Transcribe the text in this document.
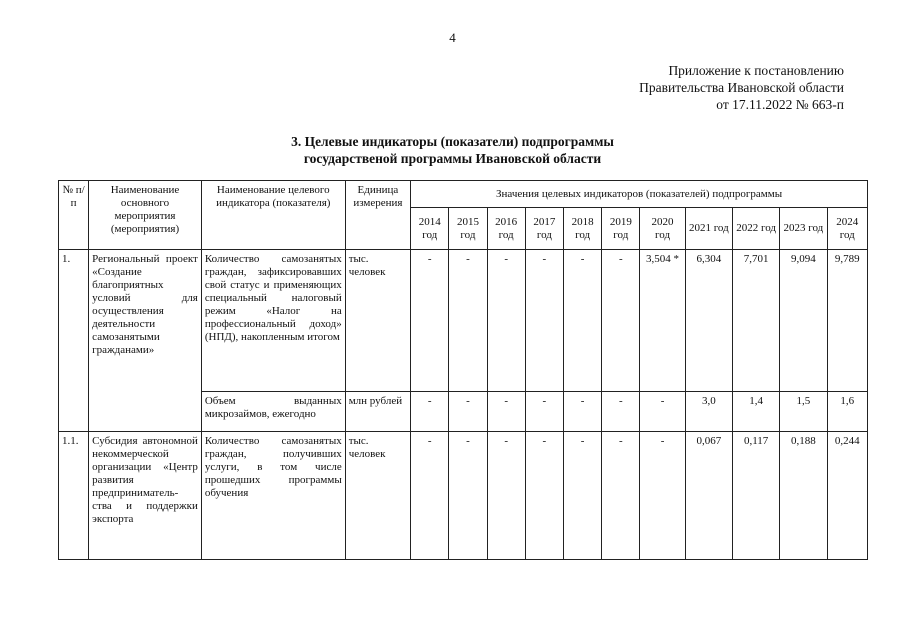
4
Приложение к постановлению
Правительства Ивановской области
от 17.11.2022 № 663-п
3. Целевые индикаторы (показатели) подпрограммы
государственой программы Ивановской области
№ п/п	Наименование основного мероприятия (мероприятия)	Наименование целевого индикатора (показателя)	Единица измерения	Значения целевых индикаторов (показателей) подпрограммы										
				2014 год	2015 год	2016 год	2017 год	2018 год	2019 год	2020 год	2021 год	2022 год	2023 год	2024 год
1.	Региональный проект «Создание благоприятных условий для осуществления деятельности самозанятыми гражданами»	Количество самозанятых граждан, зафиксировавших свой статус и применяющих специальный налоговый режим «Налог на профессиональный доход» (НПД), накопленным итогом	тыс. человек	-	-	-	-	-	-	3,504 *	6,304	7,701	9,094	9,789
		Объем выданных микрозаймов, ежегодно	млн рублей	-	-	-	-	-	-	-	3,0	1,4	1,5	1,6
1.1.	Субсидия автономной некоммерческой организации «Центр развития предприниматель-ства и поддержки экспорта	Количество самозанятых граждан, получивших услуги, в том числе прошедших программы обучения	тыс. человек	-	-	-	-	-	-	-	0,067	0,117	0,188	0,244
